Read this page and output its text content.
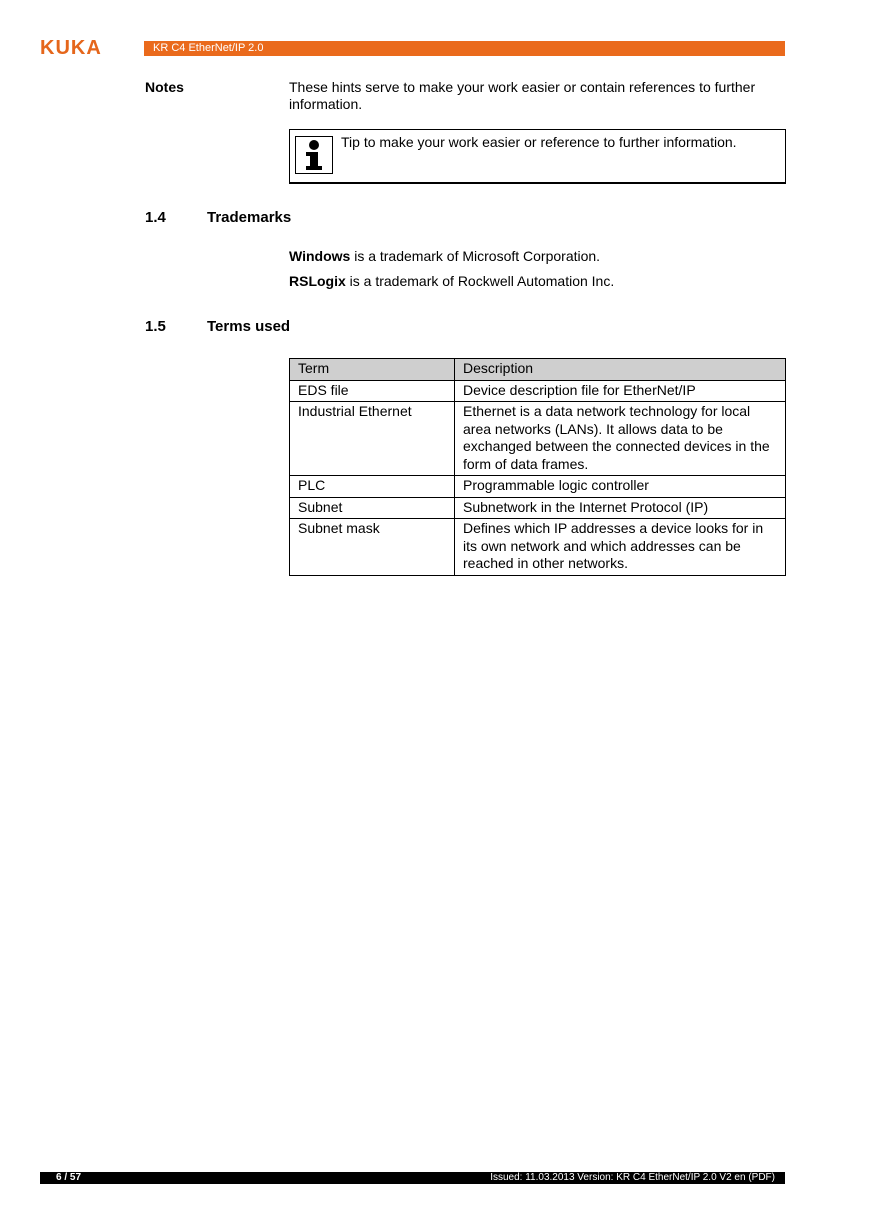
KUKA	KR C4 EtherNet/IP 2.0
Notes	These hints serve to make your work easier or contain references to further information.
Tip to make your work easier or reference to further information.
1.4	Trademarks
Windows is a trademark of Microsoft Corporation.
RSLogix is a trademark of Rockwell Automation Inc.
1.5	Terms used
Term	Description
EDS file	Device description file for EtherNet/IP
Industrial Ethernet	Ethernet is a data network technology for local area networks (LANs). It allows data to be exchanged between the connected devices in the form of data frames.
PLC	Programmable logic controller
Subnet	Subnetwork in the Internet Protocol (IP)
Subnet mask	Defines which IP addresses a device looks for in its own network and which addresses can be reached in other networks.
6 / 57	Issued: 11.03.2013 Version: KR C4 EtherNet/IP 2.0 V2 en (PDF)
